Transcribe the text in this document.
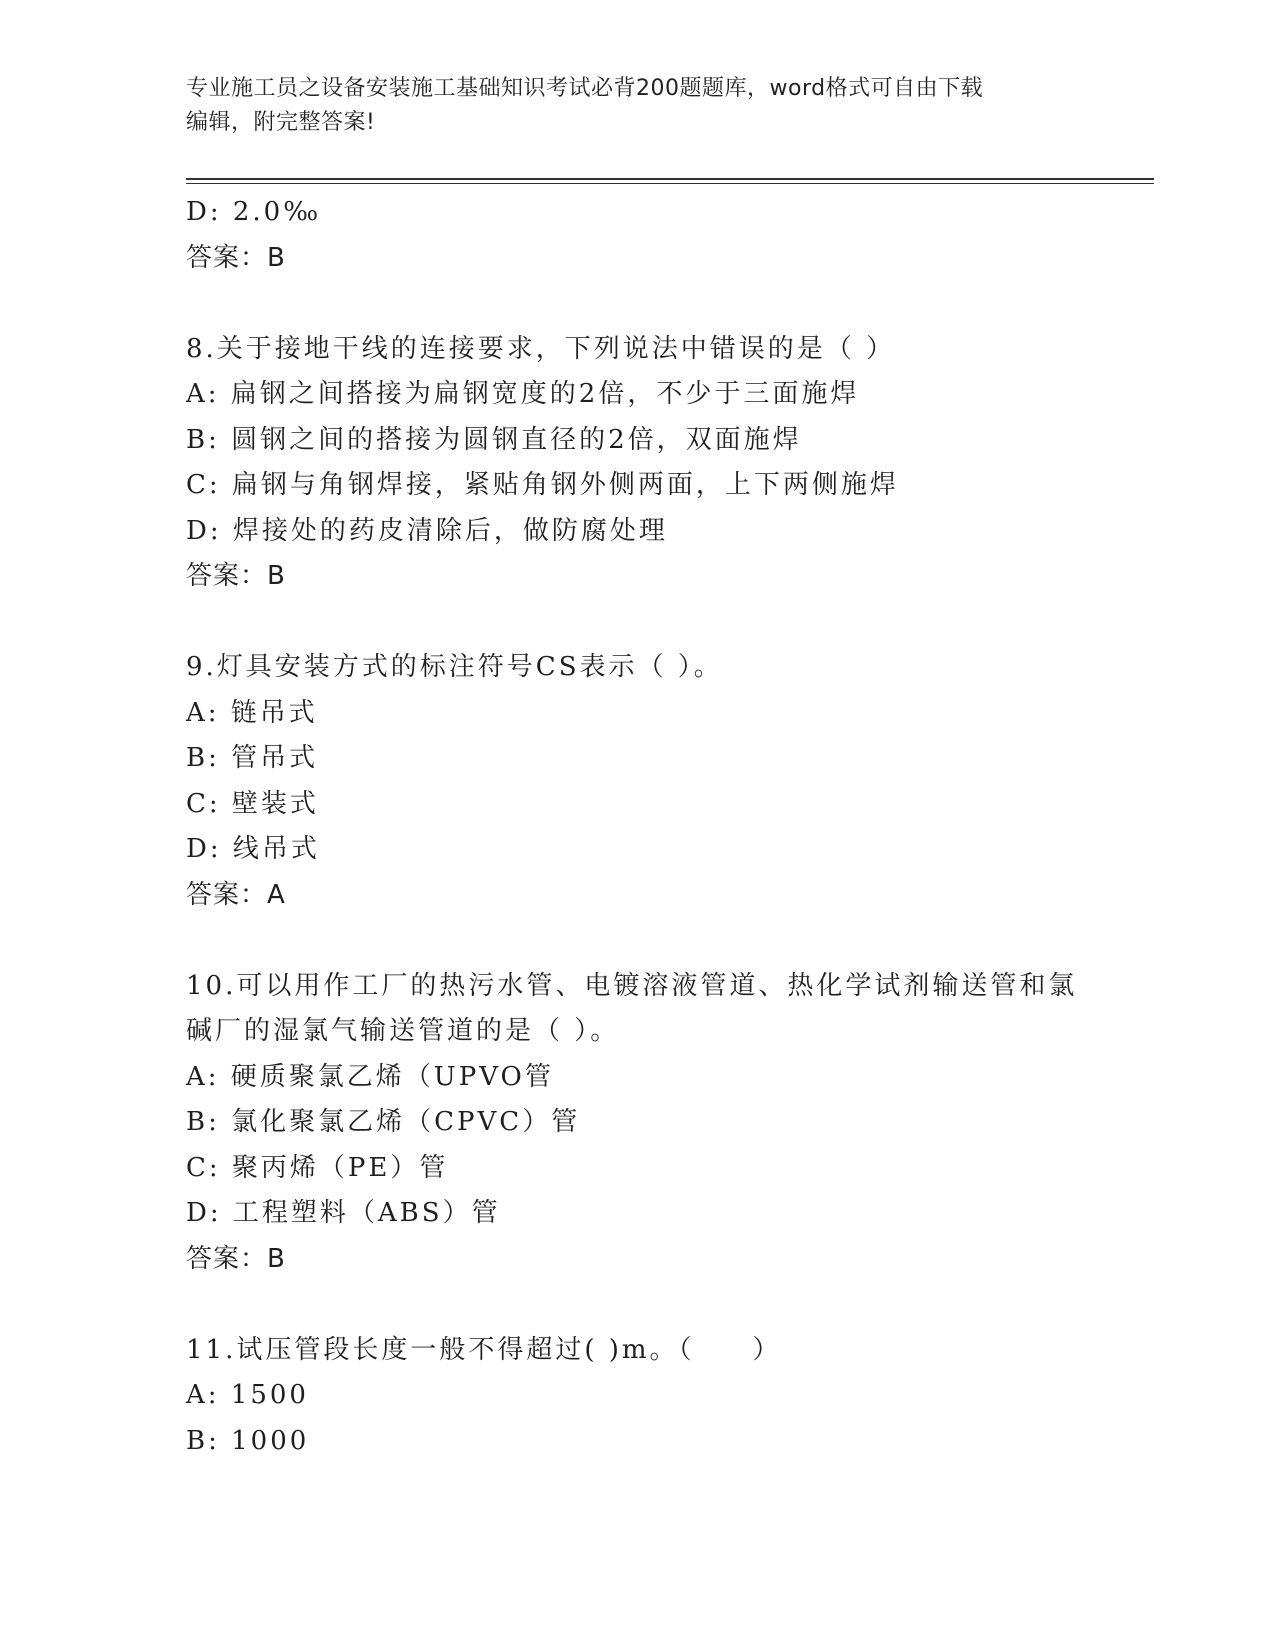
专业施工员之设备安装施工基础知识考试必背200题题库，word格式可自由下载
编辑，附完整答案!
D: 2.0‰
答案：B
8.关于接地干线的连接要求，下列说法中错误的是（ ）
A: 扁钢之间搭接为扁钢宽度的2倍，不少于三面施焊
B: 圆钢之间的搭接为圆钢直径的2倍，双面施焊
C: 扁钢与角钢焊接，紧贴角钢外侧两面，上下两侧施焊
D: 焊接处的药皮清除后，做防腐处理
答案：B
9.灯具安装方式的标注符号CS表示（ ）。
A: 链吊式
B: 管吊式
C: 壁装式
D: 线吊式
答案：A
10.可以用作工厂的热污水管、电镀溶液管道、热化学试剂输送管和氯
碱厂的湿氯气输送管道的是（ ）。
A: 硬质聚氯乙烯（UPVO管
B: 氯化聚氯乙烯（CPVC）管
C: 聚丙烯（PE）管
D: 工程塑料（ABS）管
答案：B
11.试压管段长度一般不得超过( )m。（　　）
A: 1500
B: 1000
